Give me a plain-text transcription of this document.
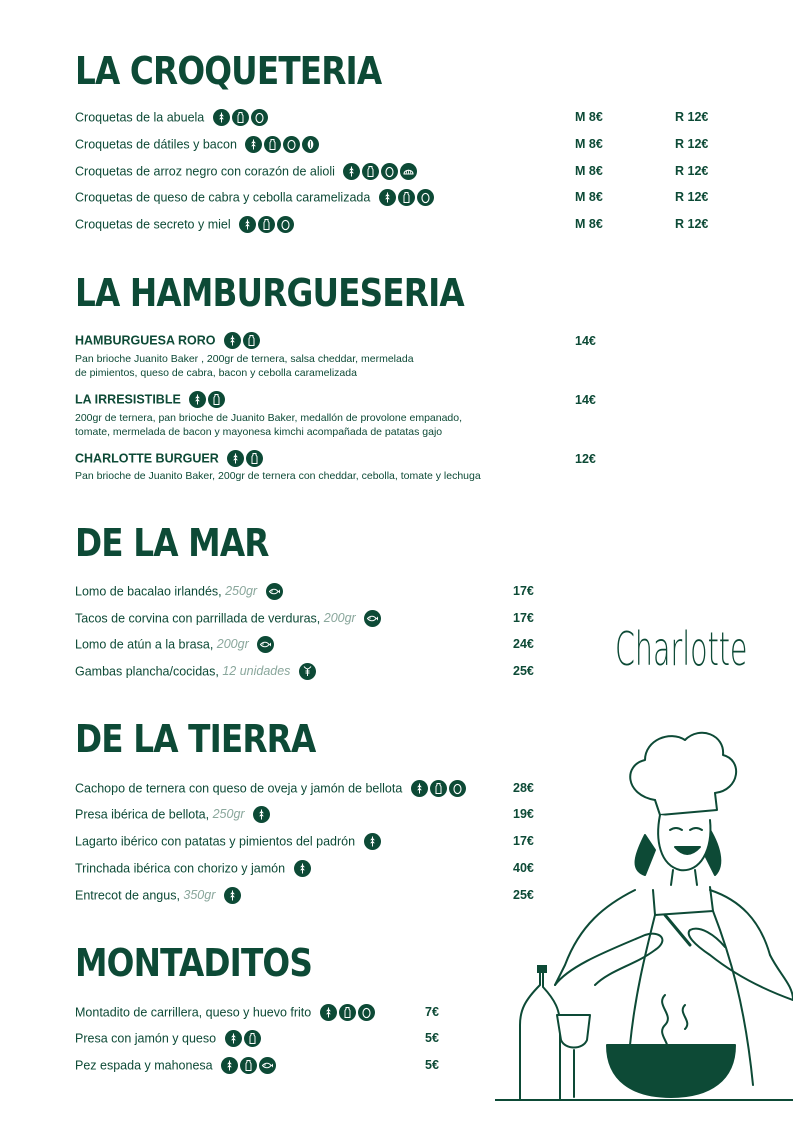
LA CROQUETERIA
Croquetas de la abuela	M 8€	R 12€
Croquetas de dátiles y bacon	M 8€	R 12€
Croquetas de arroz negro con corazón de alioli	M 8€	R 12€
Croquetas de queso de cabra y cebolla caramelizada	M 8€	R 12€
Croquetas de secreto y miel	M 8€	R 12€
LA HAMBURGUESERIA
HAMBURGUESA RORO	14€
Pan brioche Juanito Baker , 200gr de ternera, salsa cheddar, mermelada
de pimientos, queso de cabra, bacon y cebolla caramelizada
LA IRRESISTIBLE	14€
200gr de ternera, pan brioche de Juanito Baker, medallón de provolone empanado,
tomate, mermelada de bacon y mayonesa kimchi acompañada de patatas gajo
CHARLOTTE BURGUER	12€
Pan brioche de Juanito Baker, 200gr de ternera con cheddar, cebolla, tomate y lechuga
DE LA MAR
Lomo de bacalao irlandés, 250gr	17€
Tacos de corvina con parrillada de verduras, 200gr	17€
Lomo de atún a la brasa, 200gr	24€
Gambas plancha/cocidas, 12 unidades	25€ Charlotte
DE LA TIERRA
Cachopo de ternera con queso de oveja y jamón de bellota	28€
Presa ibérica de bellota, 250gr	19€
Lagarto ibérico con patatas y pimientos del padrón	17€
Trinchada ibérica con chorizo y jamón	40€
Entrecot de angus, 350gr	25€
MONTADITOS
Montadito de carrillera, queso y huevo frito	7€
Presa con jamón y queso	5€
Pez espada y mahonesa	5€
